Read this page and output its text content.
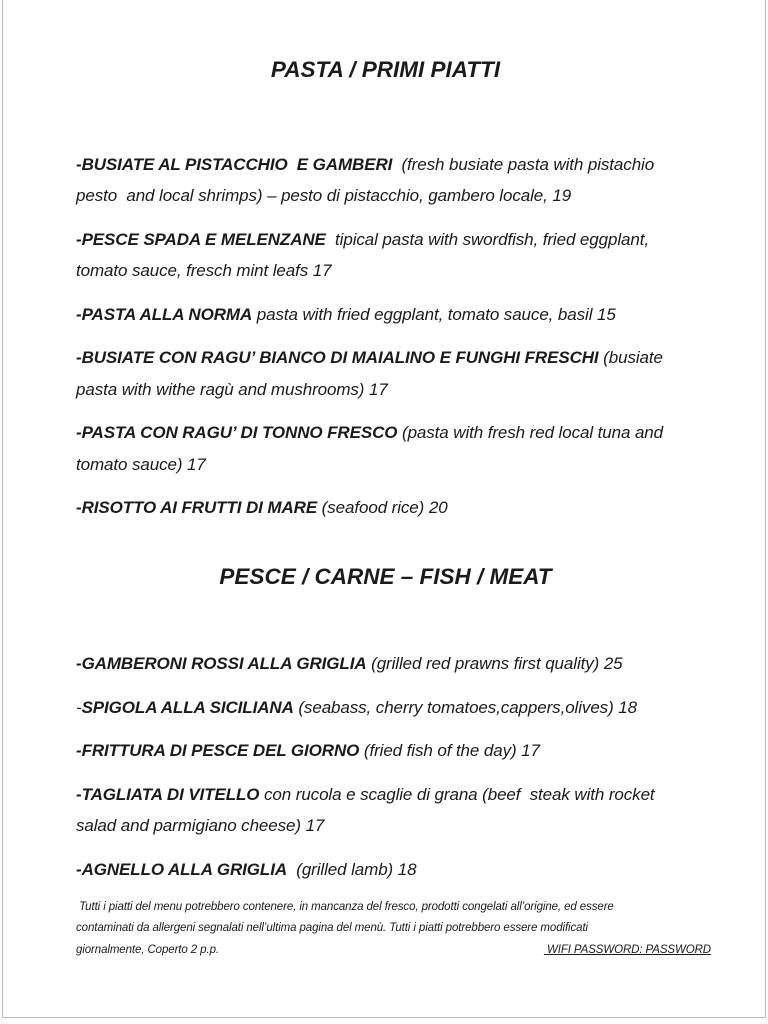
PASTA / PRIMI PIATTI

-BUSIATE AL PISTACCHIO  E GAMBERI  (fresh busiate pasta with pistachio pesto  and local shrimps) – pesto di pistacchio, gambero locale, 19

-PESCE SPADA E MELENZANE  tipical pasta with swordfish, fried eggplant, tomato sauce, fresch mint leafs 17

-PASTA ALLA NORMA pasta with fried eggplant, tomato sauce, basil 15

-BUSIATE CON RAGU’ BIANCO DI MAIALINO E FUNGHI FRESCHI (busiate pasta with withe ragù and mushrooms) 17

-PASTA CON RAGU’ DI TONNO FRESCO (pasta with fresh red local tuna and tomato sauce) 17

-RISOTTO AI FRUTTI DI MARE (seafood rice) 20

PESCE / CARNE – FISH / MEAT

-GAMBERONI ROSSI ALLA GRIGLIA (grilled red prawns first quality) 25

-SPIGOLA ALLA SICILIANA (seabass, cherry tomatoes,cappers,olives) 18

-FRITTURA DI PESCE DEL GIORNO (fried fish of the day) 17

-TAGLIATA DI VITELLO con rucola e scaglie di grana (beef  steak with rocket salad and parmigiano cheese) 17

-AGNELLO ALLA GRIGLIA  (grilled lamb) 18

Tutti i piatti del menu potrebbero contenere, in mancanza del fresco, prodotti congelati all’origine, ed essere

contaminati da allergeni segnalati nell’ultima pagina del menù. Tutti i piatti potrebbero essere modificati

giornalmente, Coperto 2 p.p.	WIFI PASSWORD: PASSWORD
